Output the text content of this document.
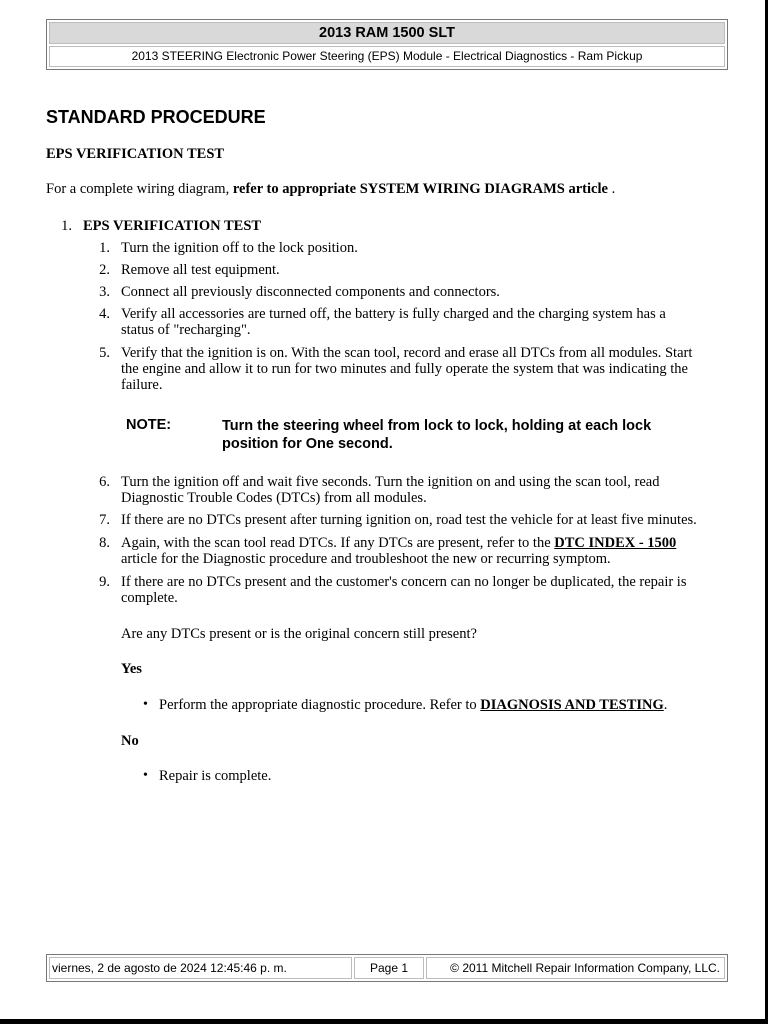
2013 RAM 1500 SLT
2013 STEERING Electronic Power Steering (EPS) Module - Electrical Diagnostics - Ram Pickup
STANDARD PROCEDURE
EPS VERIFICATION TEST
For a complete wiring diagram, refer to appropriate SYSTEM WIRING DIAGRAMS article .
1. EPS VERIFICATION TEST
1. Turn the ignition off to the lock position.
2. Remove all test equipment.
3. Connect all previously disconnected components and connectors.
4. Verify all accessories are turned off, the battery is fully charged and the charging system has a
status of "recharging".
5. Verify that the ignition is on. With the scan tool, record and erase all DTCs from all modules. Start
the engine and allow it to run for two minutes and fully operate the system that was indicating the
failure.
NOTE:	Turn the steering wheel from lock to lock, holding at each lock
position for One second.
6. Turn the ignition off and wait five seconds. Turn the ignition on and using the scan tool, read
Diagnostic Trouble Codes (DTCs) from all modules.
7. If there are no DTCs present after turning ignition on, road test the vehicle for at least five minutes.
8. Again, with the scan tool read DTCs. If any DTCs are present, refer to the DTC INDEX - 1500
article for the Diagnostic procedure and troubleshoot the new or recurring symptom.
9. If there are no DTCs present and the customer's concern can no longer be duplicated, the repair is
complete.
Are any DTCs present or is the original concern still present?
Yes
• Perform the appropriate diagnostic procedure. Refer to DIAGNOSIS AND TESTING.
No
• Repair is complete.
viernes, 2 de agosto de 2024 12:45:46 p. m.	Page 1	© 2011 Mitchell Repair Information Company, LLC.
